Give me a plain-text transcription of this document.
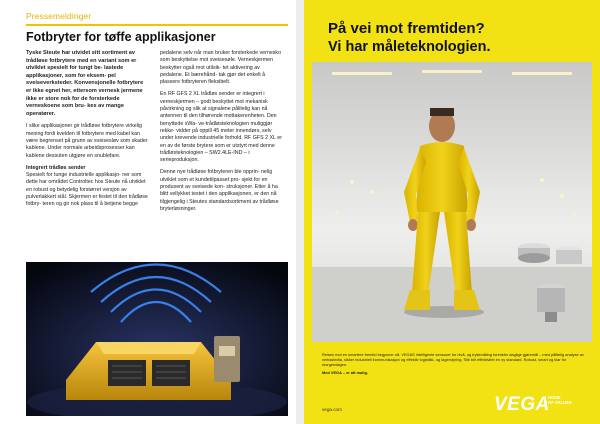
Pressemeldinger
Fotbryter for tøffe applikasjoner

Tyske Steute har utvidet sitt sortiment av trådløse fotbrytere med en variant som er utviklet spesielt for tungt be- lastede applikasjoner, som for eksem- pel sveiseverksteder. Konvensjonelle fotbrytere er ikke egnet her, ettersom vernesk jermene ikke er store nok for de forsterkede verneskoene som bru- kes av mange operatører.

I slike applikasjoner gir trådløse fotbrytere virkelig mening fordi kvelden til fotbrytere med kabel kan være begrenset på grunn av sveisesløv som skader kablene. Under normale arbeidsprosesser kan kablene dessuten utgjøre en snublefare.

Integrert trådløs sender

Spesielt for tunge industrielle applikasjo- ner som dette har området Controltec hos Steute nå utviklet en robust og betydelig forstørret versjon av pulverlakkert stål. Skjermen er festet til den trådløse fotbry- teren og gir nok plass til å betjene begge

pedalene selv når man bruker forsterkede verneskо som beskyttelse mot sveisesøle. Verneskjermen beskytter også mot utilsik- tet aktivering av pedalene. Et bærehånd- tak gjør det enkelt å plassere fotbryteren fleksibelt.

En RF GFS 2 XL trådløs sender er integrert i verneskjermen – godt beskyttet mot mekanisk påvirkning og slik at signalene pålitelig kan nå antennen til den tilhørende mottakerenheten. Den benyttede sWa- ve-trådløsteknologien muliggjør rekke- vidder på oppill 45 meter innendørs, selv under krevende industrielle forhold. RF GFS 2 XL er en av de første brytere som er utstyrt med denne trådløsteknologien – SW2.4LE-IND – i serieproduksjon.

Denne nye trådløse fotbryteren ble opprin- nelig utviklet som et kundetilpasset pro- sjekt for en produsent av sveisede kon- struksjoner. Etter å ha blitt vellykket testet i den applikasjonen, er den nå tilgjengelig i Steutes standardsortiment av trådløse bryterløsninger.

På vei mot fremtiden?
Vi har måleteknologien.

Reisen mot en smartere fremtid begynner nå. VEGAS intelligente sensorer for nivå- og trykkmåling forenkler daglige gjøremål – med pålitelig analyse av verksstedta, sikker industriell kommunikasjon og effektiv logistikk- og lagerstyring. Slik blir effektivitet en ny standard. Robust, smart og klar for morgendagen.

Med VEGA – er alt mulig.
vega.com	VEGA
HOME
OF VALUES
